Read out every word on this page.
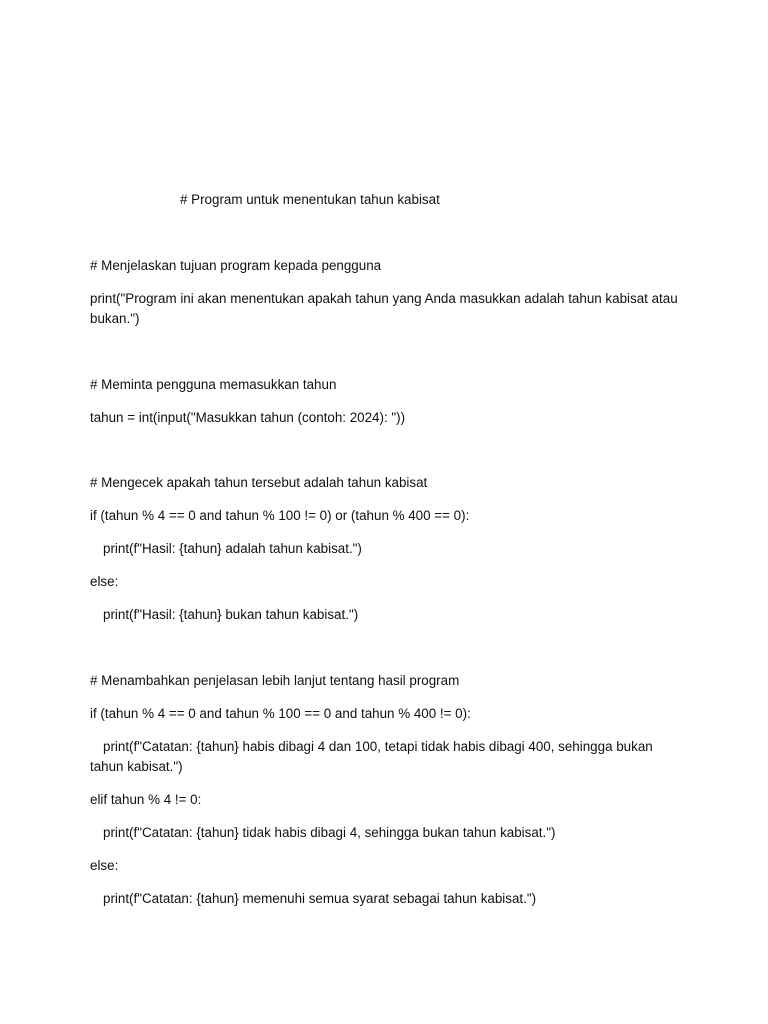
# Program untuk menentukan tahun kabisat
# Menjelaskan tujuan program kepada pengguna
print("Program ini akan menentukan apakah tahun yang Anda masukkan adalah tahun kabisat atau bukan.")
# Meminta pengguna memasukkan tahun
tahun = int(input("Masukkan tahun (contoh: 2024): "))
# Mengecek apakah tahun tersebut adalah tahun kabisat
if (tahun % 4 == 0 and tahun % 100 != 0) or (tahun % 400 == 0):
print(f"Hasil: {tahun} adalah tahun kabisat.")
else:
print(f"Hasil: {tahun} bukan tahun kabisat.")
# Menambahkan penjelasan lebih lanjut tentang hasil program
if (tahun % 4 == 0 and tahun % 100 == 0 and tahun % 400 != 0):
print(f"Catatan: {tahun} habis dibagi 4 dan 100, tetapi tidak habis dibagi 400, sehingga bukan tahun kabisat.")
elif tahun % 4 != 0:
print(f"Catatan: {tahun} tidak habis dibagi 4, sehingga bukan tahun kabisat.")
else:
print(f"Catatan: {tahun} memenuhi semua syarat sebagai tahun kabisat.")
